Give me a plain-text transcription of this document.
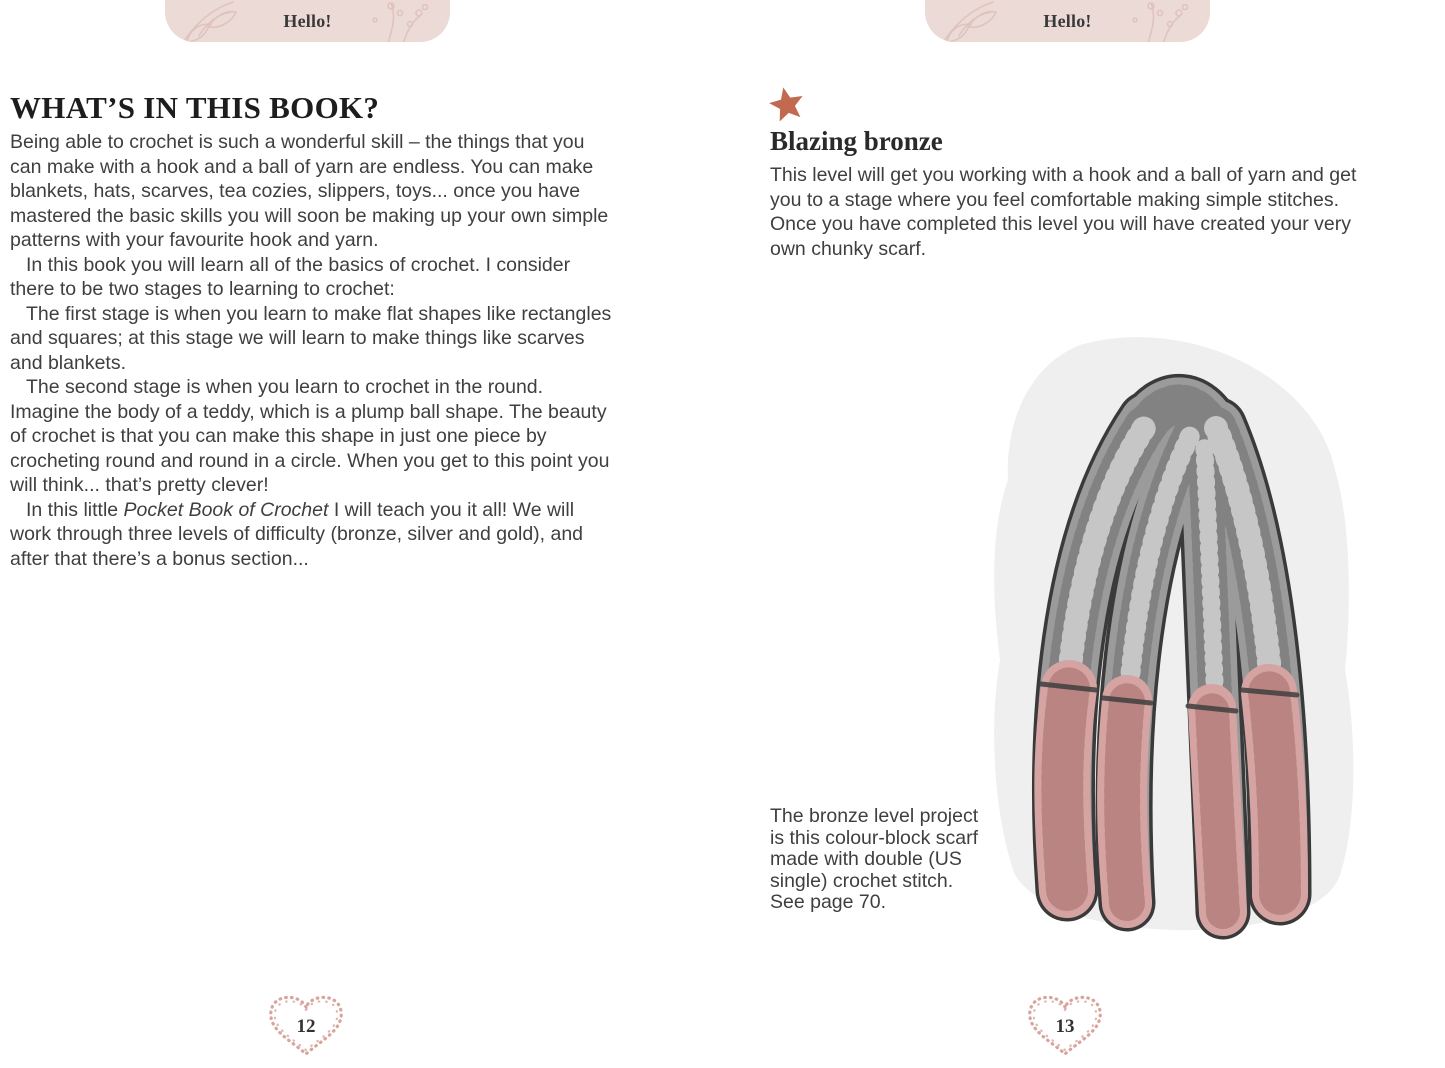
Hello!
WHAT’S IN THIS BOOK?

Being able to crochet is such a wonderful skill – the things that you can make with a hook and a ball of yarn are endless. You can make blankets, hats, scarves, tea cozies, slippers, toys... once you have mastered the basic skills you will soon be making up your own simple patterns with your favourite hook and yarn.

In this book you will learn all of the basics of crochet. I consider there to be two stages to learning to crochet:

The first stage is when you learn to make flat shapes like rectangles and squares; at this stage we will learn to make things like scarves and blankets.

The second stage is when you learn to crochet in the round. Imagine the body of a teddy, which is a plump ball shape. The beauty of crochet is that you can make this shape in just one piece by crocheting round and round in a circle. When you get to this point you will think... that’s pretty clever!

In this little Pocket Book of Crochet I will teach you it all! We will work through three levels of difficulty (bronze, silver and gold), and after that there’s a bonus section...

12
Hello!
Blazing bronze

This level will get you working with a hook and a ball of yarn and get you to a stage where you feel comfortable making simple stitches. Once you have completed this level you will have created your very own chunky scarf.

The bronze level project is this colour-block scarf made with double (US single) crochet stitch. See page 70.

13
